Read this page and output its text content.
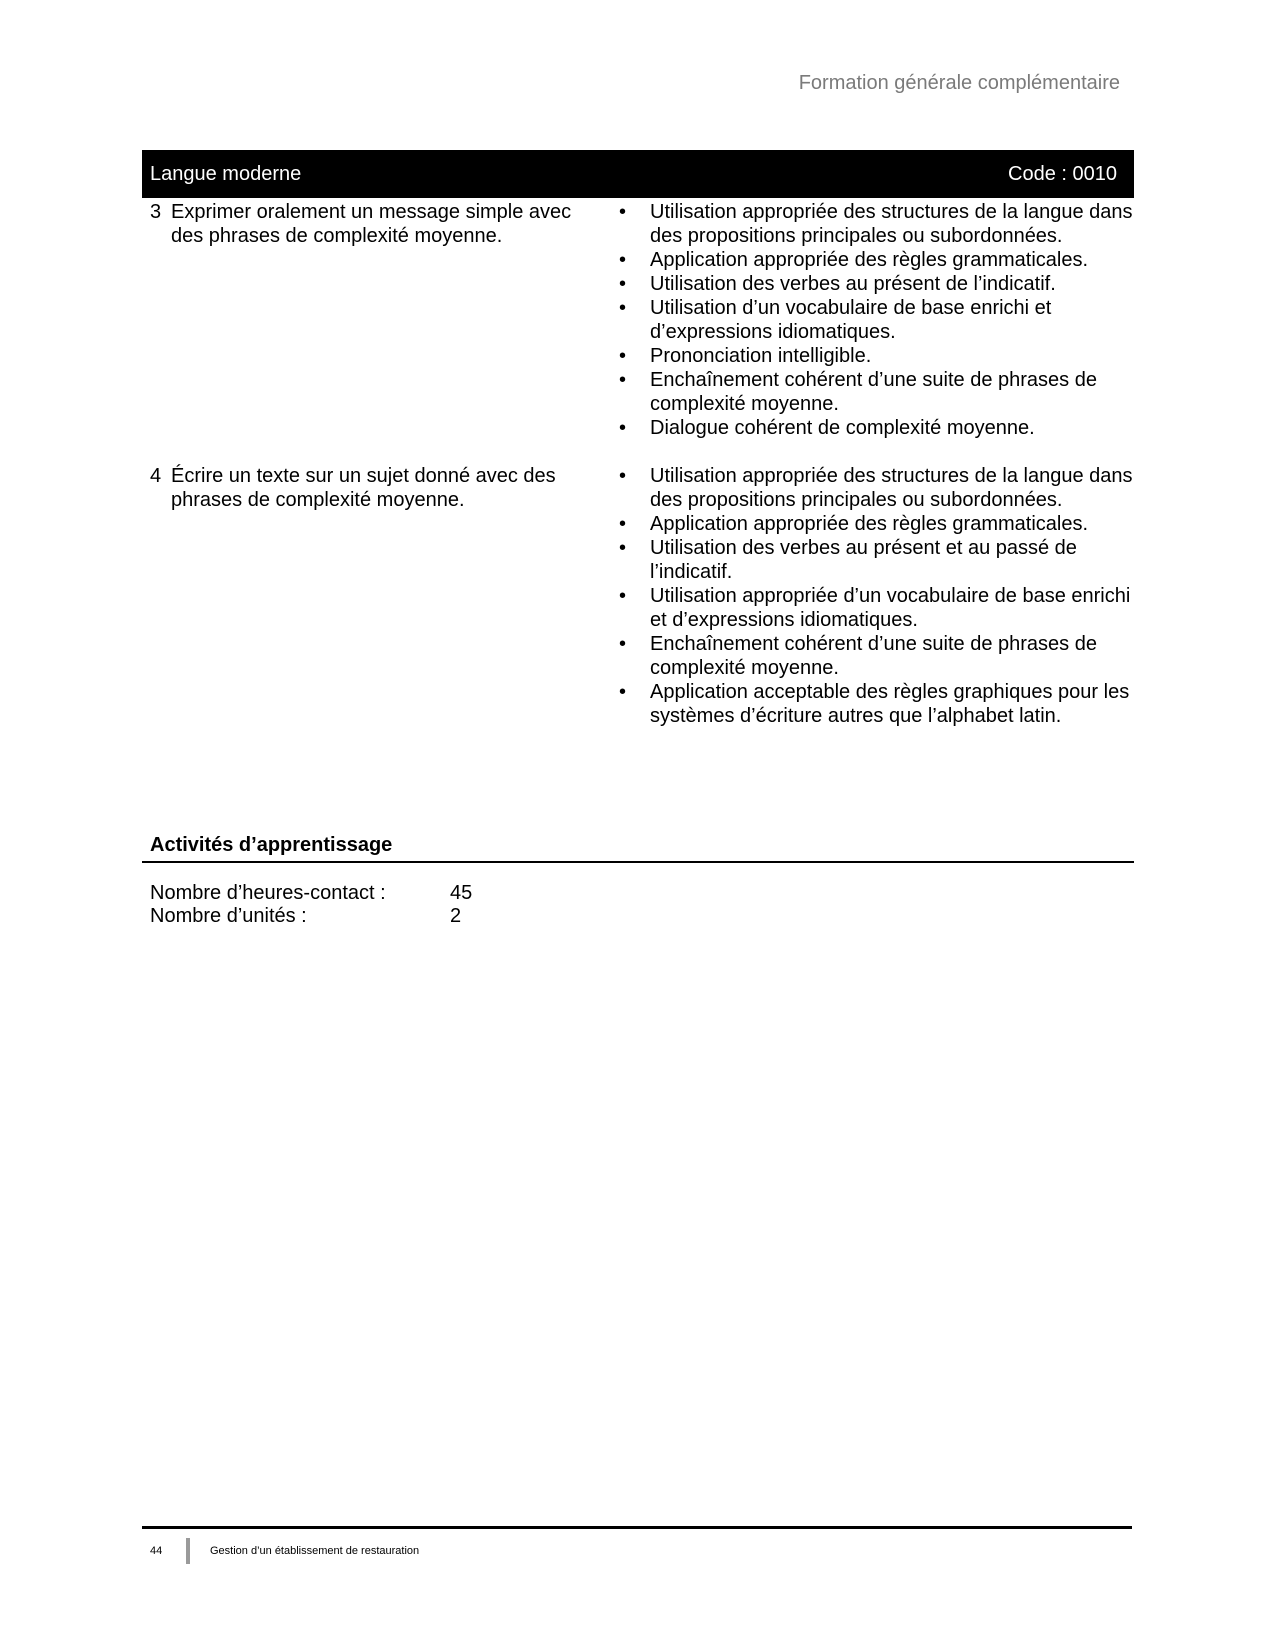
Formation générale complémentaire
Langue moderne	Code : 0010
3 Exprimer oralement un message simple avec des phrases de complexité moyenne.
•	Utilisation appropriée des structures de la langue dans des propositions principales ou subordonnées.
•	Application appropriée des règles grammaticales.
•	Utilisation des verbes au présent de l’indicatif.
•	Utilisation d’un vocabulaire de base enrichi et d’expressions idiomatiques.
•	Prononciation intelligible.
•	Enchaînement cohérent d’une suite de phrases de complexité moyenne.
•	Dialogue cohérent de complexité moyenne.
4 Écrire un texte sur un sujet donné avec des phrases de complexité moyenne.
•	Utilisation appropriée des structures de la langue dans des propositions principales ou subordonnées.
•	Application appropriée des règles grammaticales.
•	Utilisation des verbes au présent et au passé de l’indicatif.
•	Utilisation appropriée d’un vocabulaire de base enrichi et d’expressions idiomatiques.
•	Enchaînement cohérent d’une suite de phrases de complexité moyenne.
•	Application acceptable des règles graphiques pour les systèmes d’écriture autres que l’alphabet latin.
Activités d’apprentissage
Nombre d’heures-contact :	45
Nombre d’unités :	2
44	Gestion d’un établissement de restauration
